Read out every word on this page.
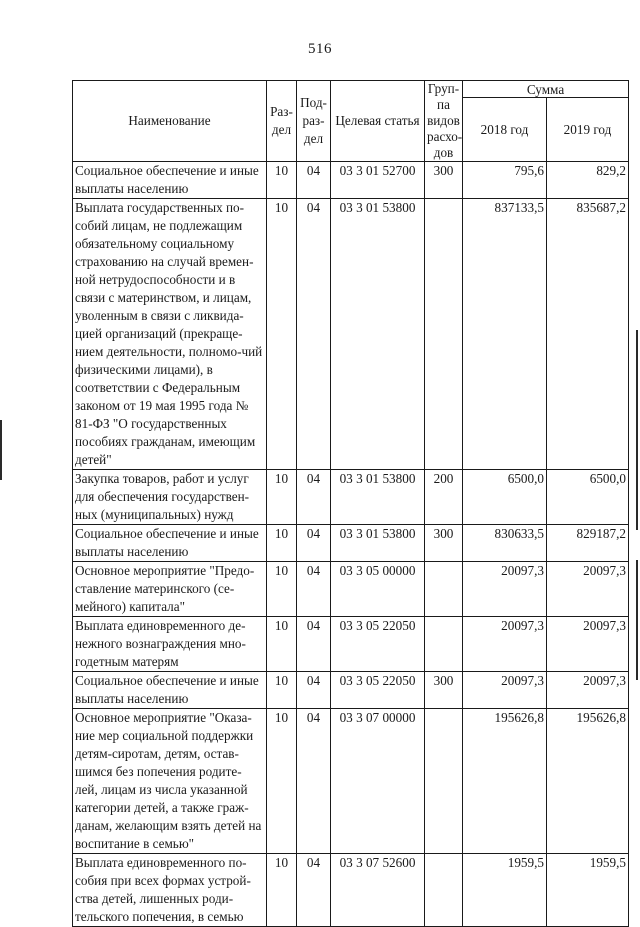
516
Наименование	Раз-дел	Под-раз-дел	Целевая статья	Груп-па видов расхо-дов	Сумма	
					2018 год	2019 год
Социальное обеспечение и иные выплаты населению	10	04	03 3 01 52700	300	795,6	829,2
Выплата государственных по-собий лицам, не подлежащим обязательному социальному страхованию на случай времен-ной нетрудоспособности и в связи с материнством, и лицам, уволенным в связи с ликвида-цией организаций (прекраще-нием деятельности, полномо-чий физическими лицами), в соответствии с Федеральным законом от 19 мая 1995 года № 81-ФЗ "О государственных пособиях гражданам, имеющим детей"	10	04	03 3 01 53800		837133,5	835687,2
Закупка товаров, работ и услуг для обеспечения государствен-ных (муниципальных) нужд	10	04	03 3 01 53800	200	6500,0	6500,0
Социальное обеспечение и иные выплаты населению	10	04	03 3 01 53800	300	830633,5	829187,2
Основное мероприятие "Предо-ставление материнского (се-мейного) капитала"	10	04	03 3 05 00000		20097,3	20097,3
Выплата единовременного де-нежного вознаграждения мно-годетным матерям	10	04	03 3 05 22050		20097,3	20097,3
Социальное обеспечение и иные выплаты населению	10	04	03 3 05 22050	300	20097,3	20097,3
Основное мероприятие "Оказа-ние мер социальной поддержки детям-сиротам, детям, остав-шимся без попечения родите-лей, лицам из числа указанной категории детей, а также граж-данам, желающим взять детей на воспитание в семью"	10	04	03 3 07 00000		195626,8	195626,8
Выплата единовременного по-собия при всех формах устрой-ства детей, лишенных роди-тельского попечения, в семью	10	04	03 3 07 52600		1959,5	1959,5
